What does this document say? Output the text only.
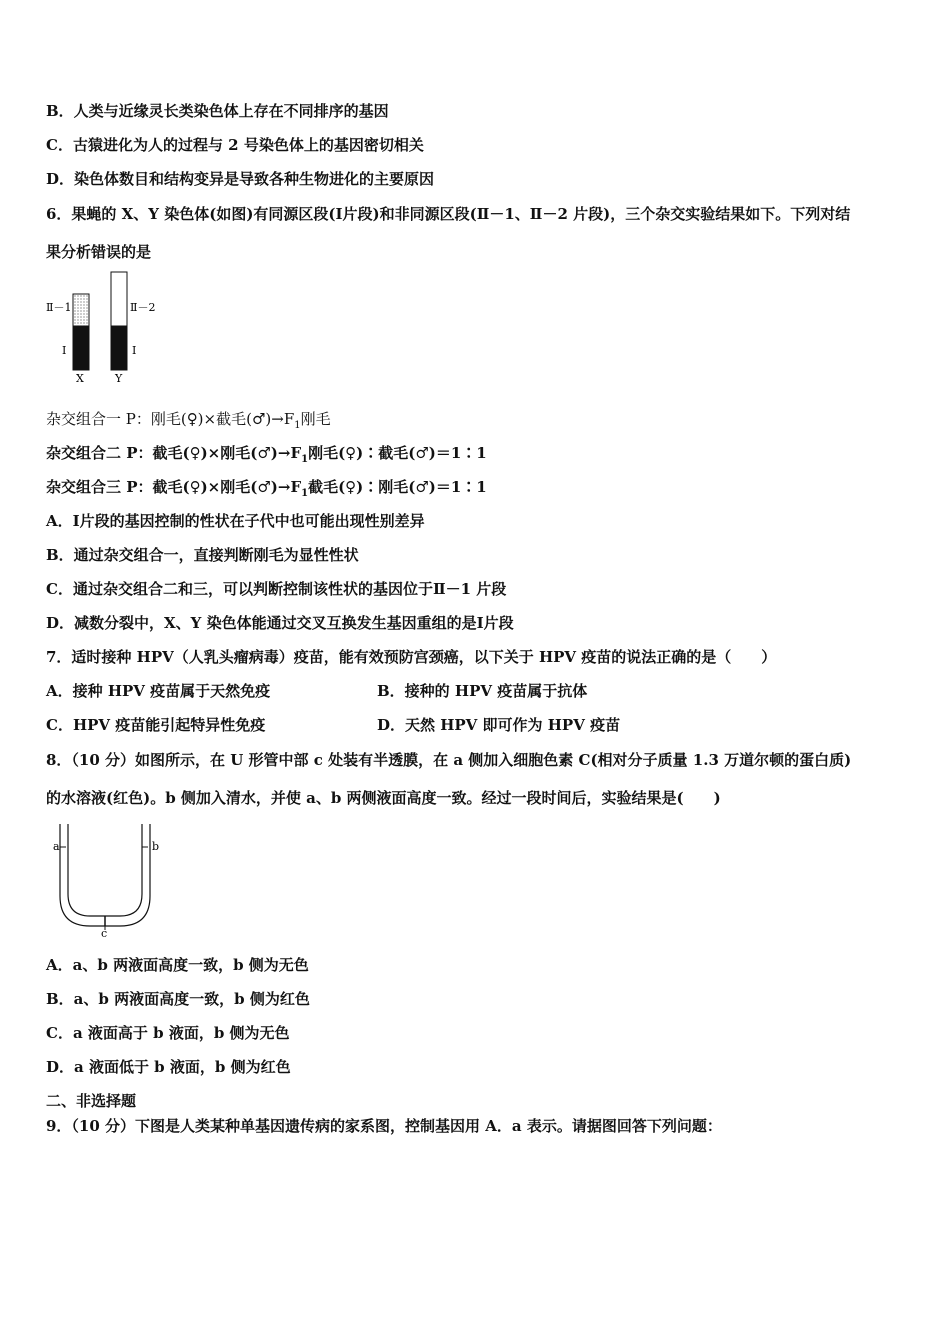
B．人类与近缘灵长类染色体上存在不同排序的基因
C．古猿进化为人的过程与 2 号染色体上的基因密切相关
D．染色体数目和结构变异是导致各种生物进化的主要原因
6．果蝇的 X、Y 染色体(如图)有同源区段(Ⅰ片段)和非同源区段(Ⅱ－1、Ⅱ－2 片段)，三个杂交实验结果如下。下列对结
果分析错误的是
Ⅱ－1	Ⅱ－2
Ⅰ	Ⅰ
X	Y
杂交组合一 P：刚毛(♀)×截毛$(♂)\to F_1$刚毛
杂交组合二 P：截毛(♀)×刚毛$(♂)\to F_1$刚毛(♀)∶截毛(♂)＝1∶1
杂交组合三 P：截毛(♀)×刚毛$(♂)\to F_1$截毛(♀)∶刚毛(♂)＝1∶1
A．Ⅰ片段的基因控制的性状在子代中也可能出现性别差异
B．通过杂交组合一，直接判断刚毛为显性性状
C．通过杂交组合二和三，可以判断控制该性状的基因位于Ⅱ－1 片段
D．减数分裂中，X、Y 染色体能通过交叉互换发生基因重组的是Ⅰ片段
7．适时接种 HPV（人乳头瘤病毒）疫苗，能有效预防宫颈癌，以下关于 HPV 疫苗的说法正确的是（　　）
A．接种 HPV 疫苗属于天然免疫	B．接种的 HPV 疫苗属于抗体
C．HPV 疫苗能引起特异性免疫	D．天然 HPV 即可作为 HPV 疫苗
8．（10 分）如图所示，在 U 形管中部 c 处装有半透膜，在 a 侧加入细胞色素 C(相对分子质量 1.3 万道尔顿的蛋白质)
的水溶液(红色)。b 侧加入清水，并使 a、b 两侧液面高度一致。经过一段时间后，实验结果是(　　)
a	b
c
A．a、b 两液面高度一致，b 侧为无色
B．a、b 两液面高度一致，b 侧为红色
C．a 液面高于 b 液面，b 侧为无色
D．a 液面低于 b 液面，b 侧为红色
二、非选择题
9．（10 分）下图是人类某种单基因遗传病的家系图，控制基因用 A．a 表示。请据图回答下列问题：
